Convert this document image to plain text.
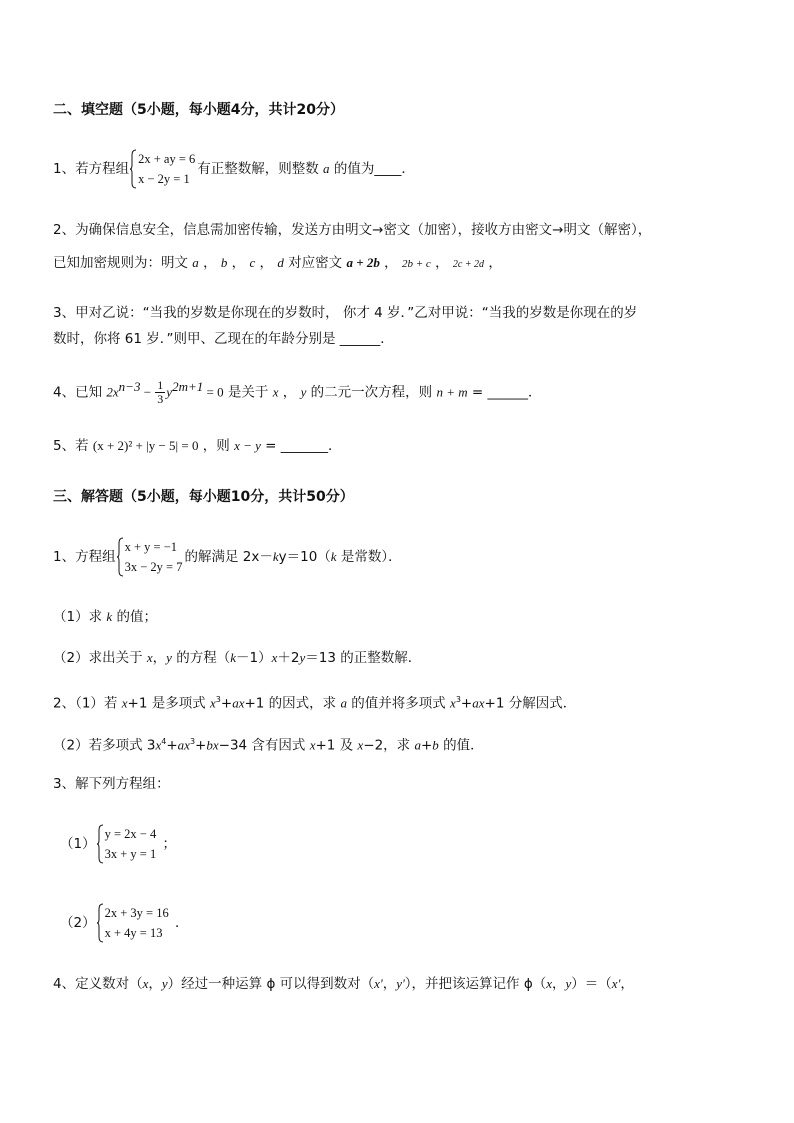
二、填空题（5小题，每小题4分，共计20分）
1、若方程组
2x + ay = 6
x − 2y = 1
有正整数解，则整数 a 的值为____．
2、为确保信息安全，信息需加密传输，发送方由明文→密文（加密），接收方由密文→明文（解密），
已知加密规则为：明文 a ， b ， c ， d 对应密文 a + 2b ， 2b + c ， 2c + 2d ，
3、甲对乙说：“当我的岁数是你现在的岁数时， 你才 4 岁．”乙对甲说：“当我的岁数是你现在的岁
数时，你将 61 岁．”则甲、乙现在的年龄分别是 ______．
4、已知 $2x^{n-3} - \frac{1}{3} y^{2m+1} = 0$ 是关于 x ， y 的二元一次方程，则 n + m = ______．
5、若 (x + 2)² + |y − 5| = 0 ，则 x − y = _______．
三、解答题（5小题，每小题10分，共计50分）
1、方程组
x + y = −1
3x − 2y = 7
的解满足 2x－ky＝10（k 是常数）．
（1）求 k 的值；
（2）求出关于 x，y 的方程（k－1）x＋2y＝13 的正整数解．
2、（1）若 x+1 是多项式 $x^3+ax+1$ 的因式，求 a 的值并将多项式 $x^3+ax+1$ 分解因式．
（2）若多项式 $3x^4+ax^3+bx-34$ 含有因式 x+1 及 x−2，求 a+b 的值．
3、解下列方程组：
（1）
y = 2x − 4
3x + y = 1
；
（2）
2x + 3y = 16
x + 4y = 13
．
4、定义数对（x，y）经过一种运算 ϕ 可以得到数对（x'，y'），并把该运算记作 ϕ（x，y）＝（x'，
